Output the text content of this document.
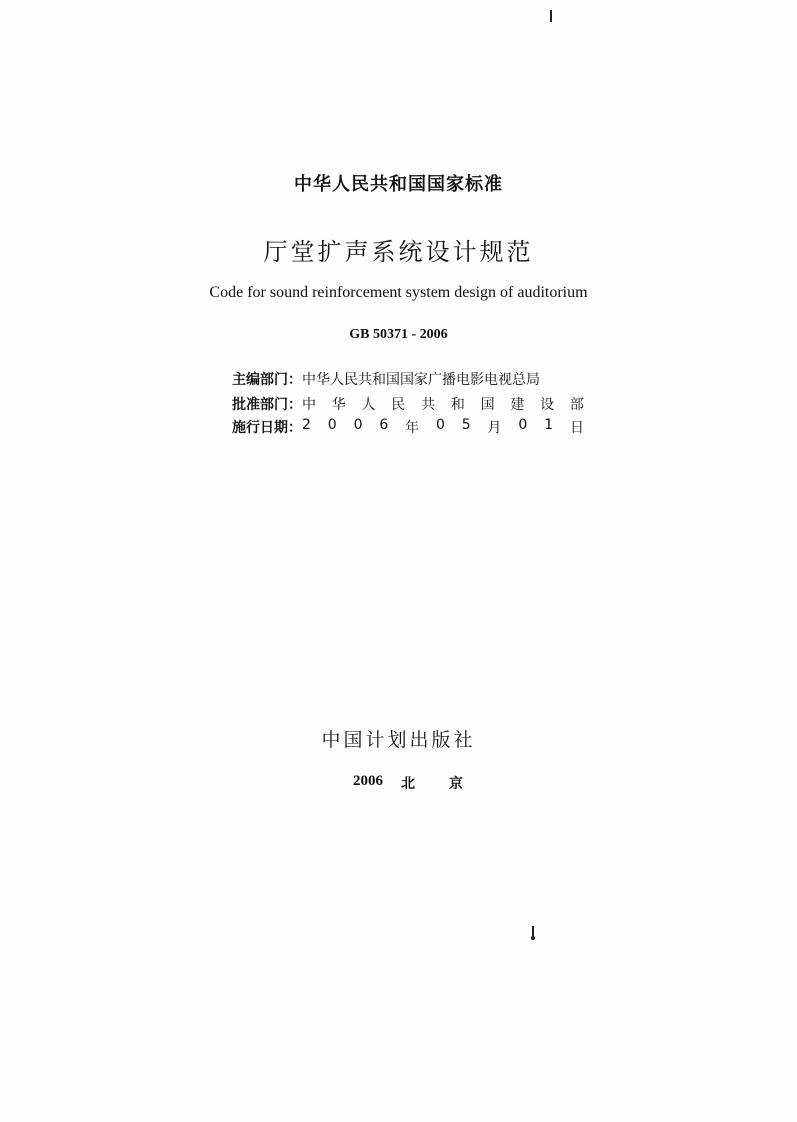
中华人民共和国国家标准
厅堂扩声系统设计规范
Code for sound reinforcement system design of auditorium
GB 50371 - 2006
主编部门： 中华人民共和国国家广播电影电视总局
批准部门： 中 华 人 民 共 和 国 建 设 部
施行日期： 2 0 0 6 年 0 5 月 0 1 日
中国计划出版社
2006	北京
